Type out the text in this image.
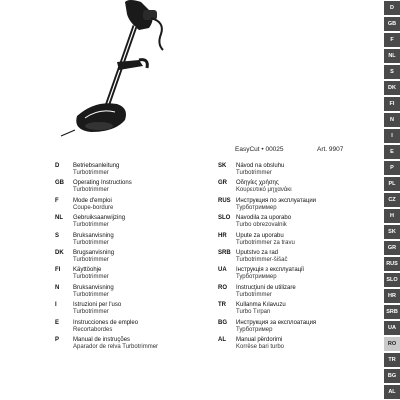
EasyCut • 00025	Art. 9907
D	Betriebsanleitung
Turbotrimmer
GB	Operating Instructions
Turbotrimmer
F	Mode d'emploi
Coupe-bordure
NL	Gebruiksaanwijzing
Turbotrimmer
S	Bruksanvisning
Turbotrimmer
DK	Brugsanvisning
Turbotrimmer
FI	Käyttöohje
Turbotrimmer
N	Bruksanvisning
Turbotrimmer
I	Istruzioni per l'uso
Turbotrimmer
E	Instrucciones de empleo
Recortabordes
P	Manual de instruções
Aparador de relva Turbotrimmer
SK	Návod na obsluhu
Turbotrimmer
GR	Οδηγίες χρήσης
Κουρευτικό μηχανάκι
RUS Инструкция по эксплуатации
Турботриммер
SLO Navodila za uporabo
Turbo obrezovalnik
HR	Upute za uporabu
Turbotrimmer za travu
SRB Uputstvo za rad
Turbotrimmer-šišač
UA	Інструкція з експлуатації
Турботриммер
RO	Instrucţiuni de utilizare
Turbotrimmer
TR	Kullanma Kılavuzu
Turbo Tırpan
BG	Инструкция за експлоатация
Турботример
AL	Manual përdorimi
Korrëse bari turbo
D
GB
F
NL
S
DK
FI
N
I
E
P
PL
CZ
H
SK
GR
RUS
SLO
HR
SRB
UA
RO
TR
BG
AL
